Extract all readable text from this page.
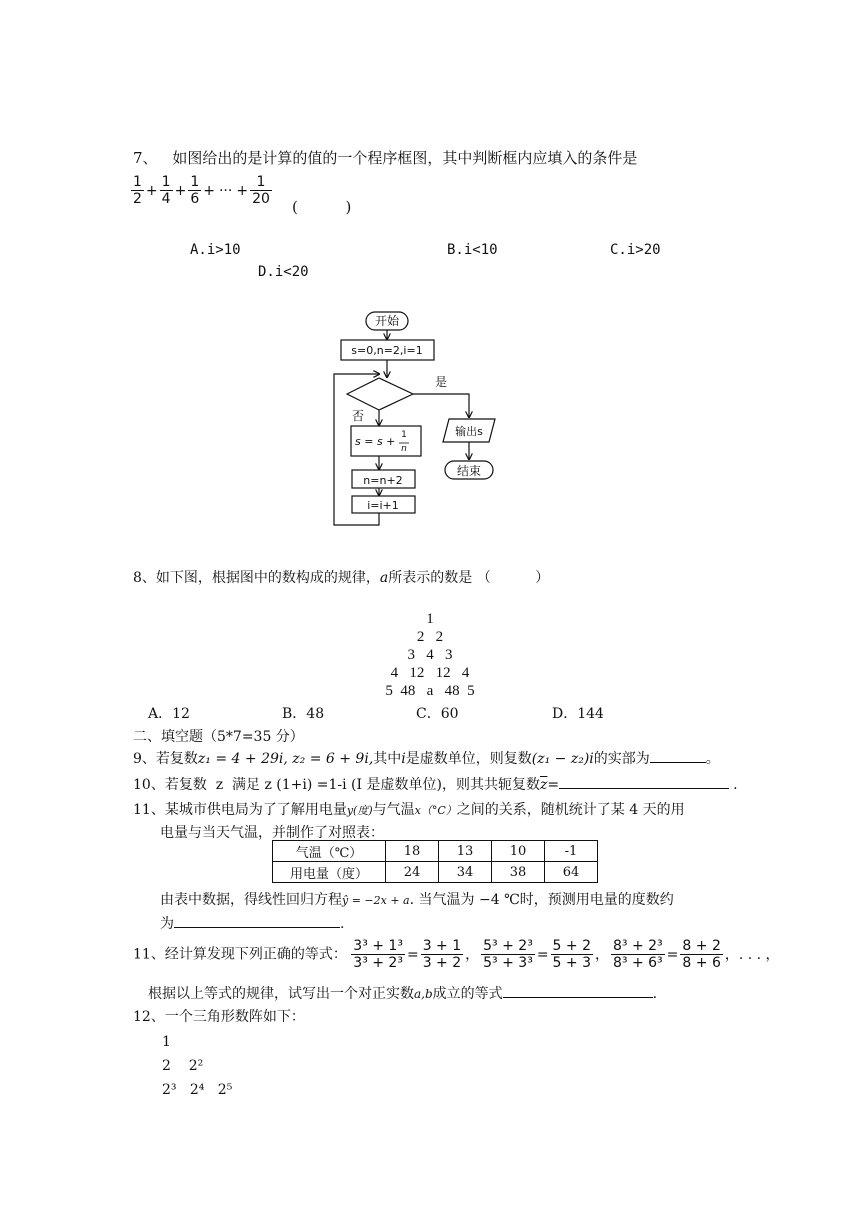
7、 如图给出的是计算的值的一个程序框图，其中判断框内应填入的条件是
$\frac{1}{2} + \frac{1}{4} + \frac{1}{6}$ + ··· + $\frac{1}{20}$ (          )
A.i>10	B.i<10	C.i>20
D.i<20
开始
s=0,n=2,i=1
是
否
s = s + 1
n
输出s
结束
n=n+2
i=i+1
8、如下图，根据图中的数构成的规律，a所表示的数是 （          ）
1
2 2
3 4 3
4 12 12 4
5 48 a 48 5
A．12	B．48	C．60	D．144
二、填空题（5*7=35 分）
9、若复数z₁ = 4 + 29i, z₂ = 6 + 9i,其中i是虚数单位，则复数(z₁ − z₂)i的实部为	。
10、若复数  z  满足 z (1+i) =1-i (I 是虚数单位)，则其共轭复数$\overline{z}=$	.
11、某城市供电局为了了解用电量y(度)与气温x（°C）之间的关系，随机统计了某 4 天的用
电量与当天气温，并制作了对照表：
气温（℃）	18	13	10	-1
用电量（度）	24	34	38	64
由表中数据，得线性回归方程ŷ = −2x + a. 当气温为 −4 ℃时，预测用电量的度数约
为	.
11、经计算发现下列正确的等式： $\frac{\text{3³ + 1³}}{\text{3³ + 2³}} = \frac{3 + 1}{3 + 2}$ ， $\frac{\text{5³ + 2³}}{\text{5³ + 3³}} = \frac{5 + 2}{5 + 3}$ ， $\frac{\text{8³ + 2³}}{\text{8³ + 6³}} = \frac{8 + 2}{8 + 6}$ ，. . . ，
根据以上等式的规律，试写出一个对正实数a,b成立的等式	.
12、一个三角形数阵如下：
1
2 2²
2³ 2⁴ 2⁵
